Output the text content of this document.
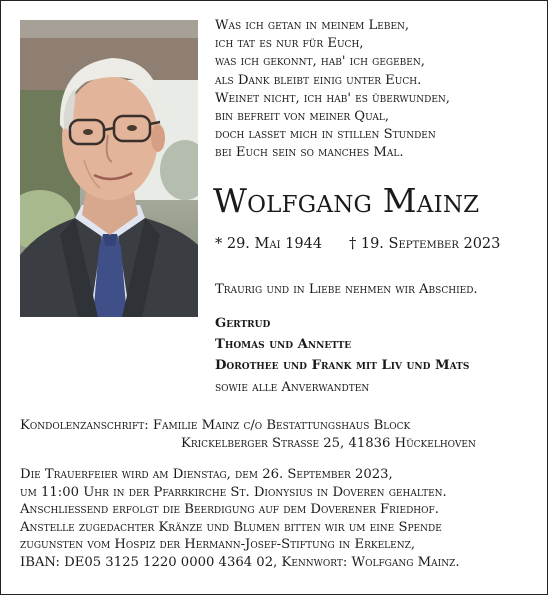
Was ich getan in meinem Leben,
ich tat es nur für Euch,
was ich gekonnt, hab' ich gegeben,
als Dank bleibt einig unter Euch.
Weinet nicht, ich hab' es überwunden,
bin befreit von meiner Qual,
doch lasset mich in stillen Stunden
bei Euch sein so manches Mal.
Wolfgang Mainz
* 29. Mai 1944 † 19. September 2023
Traurig und in Liebe nehmen wir Abschied.
Gertrud
Thomas und Annette
Dorothee und Frank mit Liv und Mats
sowie alle Anverwandten
Kondolenzanschrift: Familie Mainz c/o Bestattungshaus Block
Krickelberger Straße 25, 41836 Hückelhoven
Die Trauerfeier wird am Dienstag, dem 26. September 2023,
um 11:00 Uhr in der Pfarrkirche St. Dionysius in Doveren gehalten.
Anschließend erfolgt die Beerdigung auf dem Doverener Friedhof.
Anstelle zugedachter Kränze und Blumen bitten wir um eine Spende
zugunsten vom Hospiz der Hermann-Josef-Stiftung in Erkelenz,
IBAN: DE05 3125 1220 0000 4364 02, Kennwort: Wolfgang Mainz.
